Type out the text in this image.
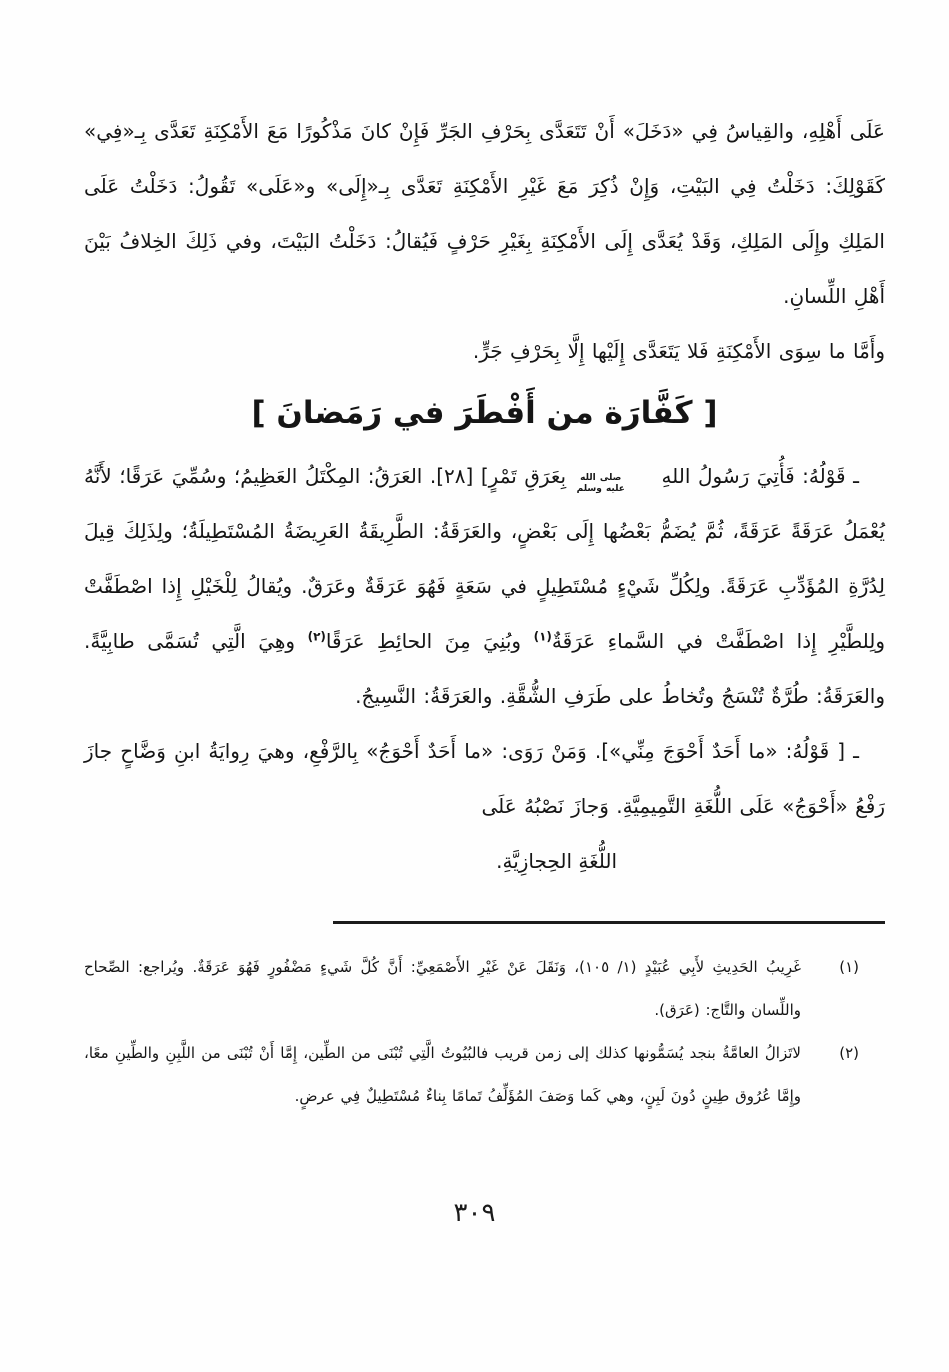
عَلَى أَهْلِهِ، والقِياسُ فِي «دَخَلَ» أَنْ تَتَعَدَّى بِحَرْفِ الجَرِّ فَإِنْ كانَ مَذْكُورًا مَعَ الأَمْكِنَةِ تَعَدَّى بِـ«فِي» كَقَوْلِكَ: دَخَلْتُ فِي البَيْتِ، وَإِنْ ذُكِرَ مَعَ غَيْرِ الأَمْكِنَةِ تَعَدَّى بِـ«إِلَى» و«عَلَى» تَقُولُ: دَخَلْتُ عَلَى المَلِكِ وإِلَى المَلِكِ، وَقَدْ يُعَدَّى إِلَى الأَمْكِنَةِ بِغَيْرِ حَرْفٍ فَيُقالُ: دَخَلْتُ البَيْتَ، وفي ذَلِكَ الخِلافُ بَيْنَ أَهْلِ اللِّسانِ.

وأَمَّا ما سِوَى الأَمْكِنَةِ فَلا يَتَعَدَّى إِلَيْها إِلَّا بِحَرْفِ جَرٍّ.

[ كَفَّارَة من أَفْطَرَ في رَمَضانَ ]

ـ قَوْلُهُ: فَأُتِيَ رَسُولُ اللهِ
صلى الله
عليه وسلم
بِعَرَقِ تَمْرٍ] [٢٨]. العَرَقُ: المِكْتَلُ العَظِيمُ؛ وسُمِّيَ عَرَقًا؛ لأَنَّهُ يُعْمَلُ عَرَقَةً عَرَقَةً، ثُمَّ يُضَمُّ بَعْضُها إِلَى بَعْضٍ، والعَرَقَةُ: الطَّرِيقَةُ العَرِيضَةُ المُسْتَطِيلَةُ؛ ولِذَلِكَ قِيلَ لِدُرَّةِ المُؤَدِّبِ عَرَقَةً. ولِكُلِّ شَيْءٍ مُسْتَطِيلٍ في سَعَةٍ فَهُوَ عَرَقَةٌ وعَرَقٌ. ويُقالُ لِلْخَيْلِ إِذا اصْطَفَّتْ ولِلطَّيْرِ إِذا اصْطَفَّتْ في السَّماءِ عَرَقَةٌ$^{(١)}$ وبُنِيَ مِنَ الحائِطِ عَرَقًا$^{(٢)}$ وهِيَ الَّتِي تُسَمَّى طابِيَّةً. والعَرَقَةُ: طُرَّةٌ تُنْسَجُ وتُخاطُ على طَرَفِ الشُّقَّةِ. والعَرَقَةُ: النَّسِيجُ.

ـ [ قَوْلُهُ: «ما أَحَدٌ أَحْوَجَ مِنِّي»]. وَمَنْ رَوَى: «ما أَحَدٌ أَحْوَجُ» بِالرَّفْعِ، وهيَ رِوايَةُ ابنِ وَضَّاحٍ جازَ رَفْعُ «أَحْوَجُ» عَلَى اللُّغَةِ التَّمِيمِيَّةِ. وَجازَ نَصْبُهُ عَلَى

اللُّغَةِ الحِجازِيَّةِ.

(١)
غَرِيبُ الحَدِيثِ لأَبِي عُبَيْدٍ (١/ ١٠٥)، وَنَقَلَ عَنْ غَيْرِ الأَصْمَعِيِّ: أَنَّ كُلَّ شَيءٍ مَضْفُورٍ فَهُوَ عَرَقَةٌ. ويُراجع: الصِّحاح واللِّسان والتَّاج: (عَرَق).
(٢)
لاتَزالُ العامَّةُ بنجد يُسَمُّونها كذلك إلى زمن قريب فالبُيُوتُ الَّتِي تُبْنَى من الطِّين، إِمَّا أَنْ تُبْنَى من اللَّبِنِ والطِّينِ معًا، وإِمَّا عُرُوق طِينٍ دُونَ لَبِنٍ، وهي كَما وَصَفَ المُؤَلِّفُ تَمامًا بِناءٌ مُسْتَطِيلٌ فِي عرضٍ.
٣٠٩
